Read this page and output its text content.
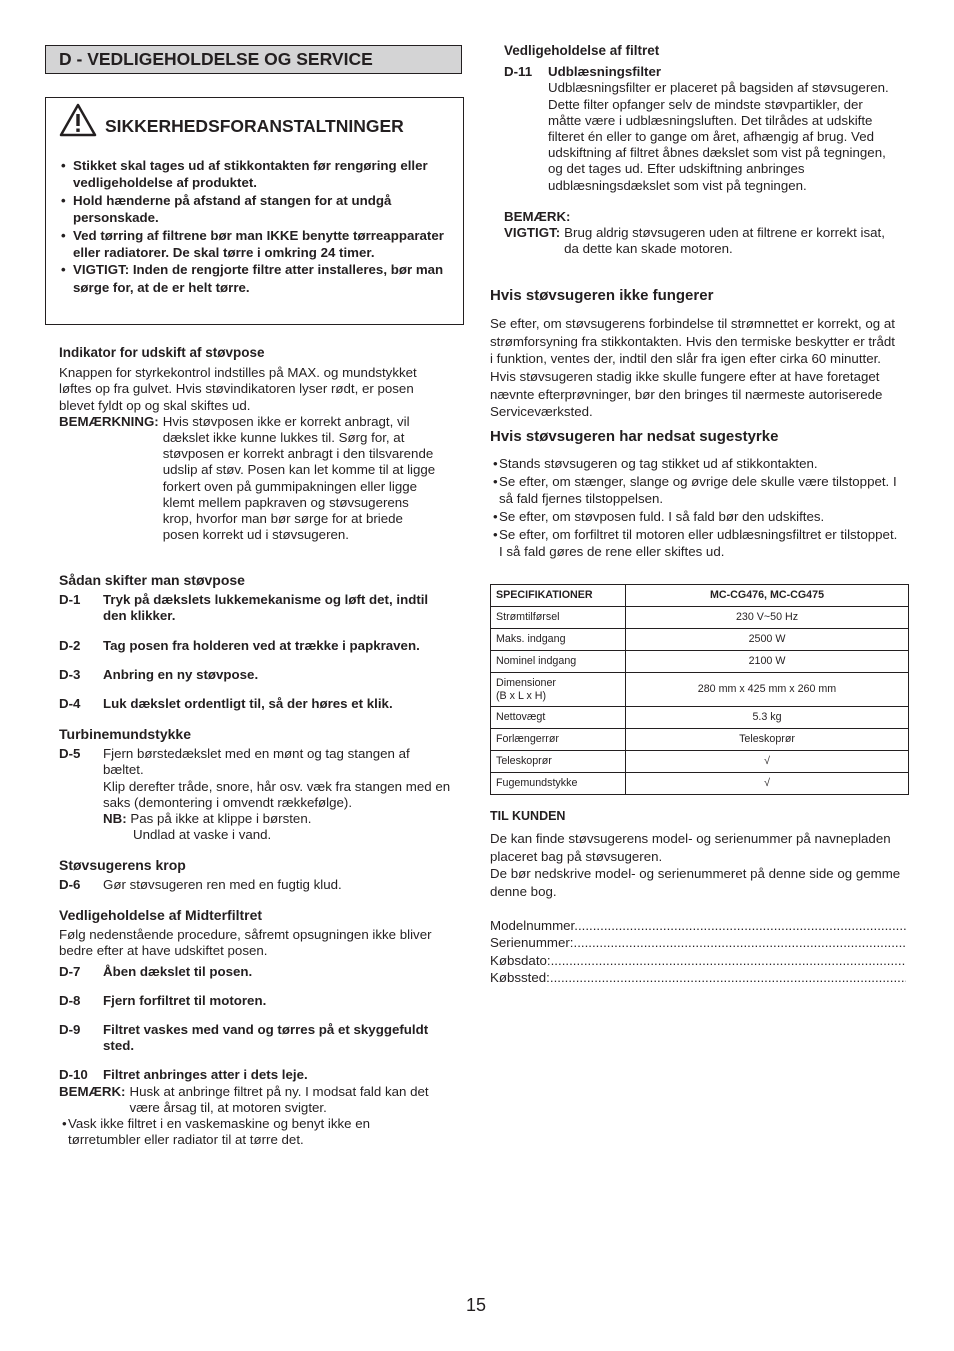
D - VEDLIGEHOLDELSE OG SERVICE
SIKKERHEDSFORANSTALTNINGER
• Stikket skal tages ud af stikkontakten før rengøring eller vedligeholdelse af produktet.
• Hold hænderne på afstand af stangen for at undgå personskade.
• Ved tørring af filtrene bør man IKKE benytte tørreapparater eller radiatorer. De skal tørre i omkring 24 timer.
• VIGTIGT: Inden de rengjorte filtre atter installeres, bør man sørge for, at de er helt tørre.
Indikator for udskift af støvpose
Knappen for styrkekontrol indstilles på MAX. og mundstykket løftes op fra gulvet. Hvis støvindikatoren lyser rødt, er posen blevet fyldt op og skal skiftes ud.
BEMÆRKNING: Hvis støvposen ikke er korrekt anbragt, vil dækslet ikke kunne lukkes til. Sørg for, at støvposen er korrekt anbragt i den tilsvarende udslip af støv. Posen kan let komme til at ligge forkert oven på gummipakningen eller ligge klemt mellem papkraven og støvsugerens krop, hvorfor man bør sørge for at briede posen korrekt ud i støvsugeren.
Sådan skifter man støvpose
D-1	Tryk på dækslets lukkemekanisme og løft det, indtil den klikker.
D-2	Tag posen fra holderen ved at trække i papkraven.
D-3	Anbring en ny støvpose.
D-4	Luk dækslet ordentligt til, så der høres et klik.
Turbinemundstykke
D-5	Fjern børstedækslet med en mønt og tag stangen af bæltet.
Klip derefter tråde, snore, hår osv. væk fra stangen med en saks (demontering i omvendt rækkefølge).
NB: Pas på ikke at klippe i børsten.
Undlad at vaske i vand.
Støvsugerens krop
D-6	Gør støvsugeren ren med en fugtig klud.
Vedligeholdelse af Midterfiltret
Følg nedenstående procedure, såfremt opsugningen ikke bliver bedre efter at have udskiftet posen.
D-7	Åben dækslet til posen.
D-8	Fjern forfiltret til motoren.
D-9	Filtret vaskes med vand og tørres på et skyggefuldt sted.
D-10	Filtret anbringes atter i dets leje.
BEMÆRK: Husk at anbringe filtret på ny. I modsat fald kan det være årsag til, at motoren svigter.
• Vask ikke filtret i en vaskemaskine og benyt ikke en tørretumbler eller radiator til at tørre det.
Vedligeholdelse af filtret
D-11	Udblæsningsfilter
Udblæsningsfilter er placeret på bagsiden af støvsugeren. Dette filter opfanger selv de mindste støvpartikler, der måtte være i udblæsningsluften. Det tilrådes at udskifte filteret én eller to gange om året, afhængig af brug. Ved udskiftning af filtret åbnes dækslet som vist på tegningen, og det tages ud. Efter udskiftning anbringes udblæsningsdækslet som vist på tegningen.
BEMÆRK:
VIGTIGT: Brug aldrig støvsugeren uden at filtrene er korrekt isat, da dette kan skade motoren.
Hvis støvsugeren ikke fungerer
Se efter, om støvsugerens forbindelse til strømnettet er korrekt, og at strømforsyning fra stikkontakten. Hvis den termiske beskytter er trådt i funktion, ventes der, indtil den slår fra igen efter cirka 60 minutter. Hvis støvsugeren stadig ikke skulle fungere efter at have foretaget nævnte efterprøvninger, bør den bringes til nærmeste autoriserede Serviceværksted.
Hvis støvsugeren har nedsat sugestyrke
• Stands støvsugeren og tag stikket ud af stikkontakten.
• Se efter, om stænger, slange og øvrige dele skulle være tilstoppet. I så fald fjernes tilstoppelsen.
• Se efter, om støvposen fuld. I så fald bør den udskiftes.
• Se efter, om forfiltret til motoren eller udblæsningsfiltret er tilstoppet. I så fald gøres de rene eller skiftes ud.
SPECIFIKATIONER	MC-CG476, MC-CG475
Strømtilførsel	230 V~50 Hz
Maks. indgang	2500 W
Nominel indgang	2100 W

Dimensioner
(B x L x H)	280 mm x 425 mm x 260 mm
Nettovægt	5.3 kg
Forlængerrør	Teleskoprør
Teleskoprør	√
Fugemundstykke	√
TIL KUNDEN
De kan finde støvsugerens model- og serienummer på navnepladen placeret bag på støvsugeren.
De bør nedskrive model- og serienummeret på denne side og gemme denne bog.
Modelnummer.
.....
Serienummer:
.....
Købsdato:
.....
Købssted:
.....
15
